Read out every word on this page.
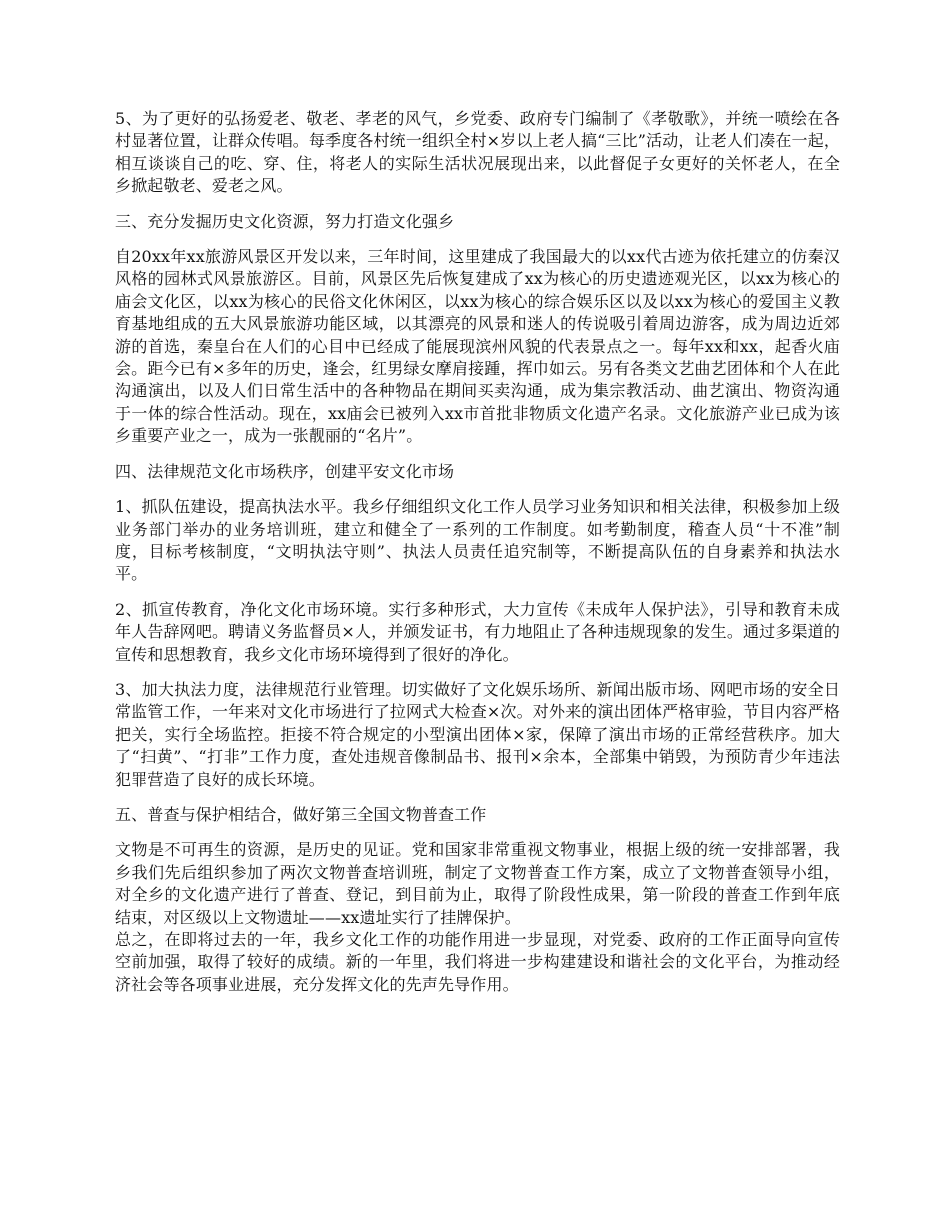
5、为了更好的弘扬爱老、敬老、孝老的风气，乡党委、政府专门编制了《孝敬歌》，并统一喷绘在各村显著位置，让群众传唱。每季度各村统一组织全村×岁以上老人搞“三比”活动，让老人们凑在一起，相互谈谈自己的吃、穿、住，将老人的实际生活状况展现出来，以此督促子女更好的关怀老人，在全乡掀起敬老、爱老之风。

三、充分发掘历史文化资源，努力打造文化强乡

自20xx年xx旅游风景区开发以来，三年时间，这里建成了我国最大的以xx代古迹为依托建立的仿秦汉风格的园林式风景旅游区。目前，风景区先后恢复建成了xx为核心的历史遗迹观光区，以xx为核心的庙会文化区，以xx为核心的民俗文化休闲区，以xx为核心的综合娱乐区以及以xx为核心的爱国主义教育基地组成的五大风景旅游功能区域，以其漂亮的风景和迷人的传说吸引着周边游客，成为周边近郊游的首选，秦皇台在人们的心目中已经成了能展现滨州风貌的代表景点之一。每年xx和xx，起香火庙会。距今已有×多年的历史，逢会，红男绿女摩肩接踵，挥巾如云。另有各类文艺曲艺团体和个人在此沟通演出，以及人们日常生活中的各种物品在期间买卖沟通，成为集宗教活动、曲艺演出、物资沟通于一体的综合性活动。现在，xx庙会已被列入xx市首批非物质文化遗产名录。文化旅游产业已成为该乡重要产业之一，成为一张靓丽的“名片”。

四、法律规范文化市场秩序，创建平安文化市场

1、抓队伍建设，提高执法水平。我乡仔细组织文化工作人员学习业务知识和相关法律，积极参加上级业务部门举办的业务培训班，建立和健全了一系列的工作制度。如考勤制度，稽查人员“十不准”制度，目标考核制度，“文明执法守则”、执法人员责任追究制等，不断提高队伍的自身素养和执法水平。

2、抓宣传教育，净化文化市场环境。实行多种形式，大力宣传《未成年人保护法》，引导和教育未成年人告辞网吧。聘请义务监督员×人，并颁发证书，有力地阻止了各种违规现象的发生。通过多渠道的宣传和思想教育，我乡文化市场环境得到了很好的净化。

3、加大执法力度，法律规范行业管理。切实做好了文化娱乐场所、新闻出版市场、网吧市场的安全日常监管工作，一年来对文化市场进行了拉网式大检查×次。对外来的演出团体严格审验，节目内容严格把关，实行全场监控。拒接不符合规定的小型演出团体×家，保障了演出市场的正常经营秩序。加大了“扫黄”、“打非”工作力度，查处违规音像制品书、报刊×余本，全部集中销毁，为预防青少年违法犯罪营造了良好的成长环境。

五、普查与保护相结合，做好第三全国文物普查工作

文物是不可再生的资源，是历史的见证。党和国家非常重视文物事业，根据上级的统一安排部署，我乡我们先后组织参加了两次文物普查培训班，制定了文物普查工作方案，成立了文物普查领导小组，对全乡的文化遗产进行了普查、登记，到目前为止，取得了阶段性成果，第一阶段的普查工作到年底结束，对区级以上文物遗址——xx遗址实行了挂牌保护。

总之，在即将过去的一年，我乡文化工作的功能作用进一步显现，对党委、政府的工作正面导向宣传空前加强，取得了较好的成绩。新的一年里，我们将进一步构建建设和谐社会的文化平台，为推动经济社会等各项事业进展，充分发挥文化的先声先导作用。
